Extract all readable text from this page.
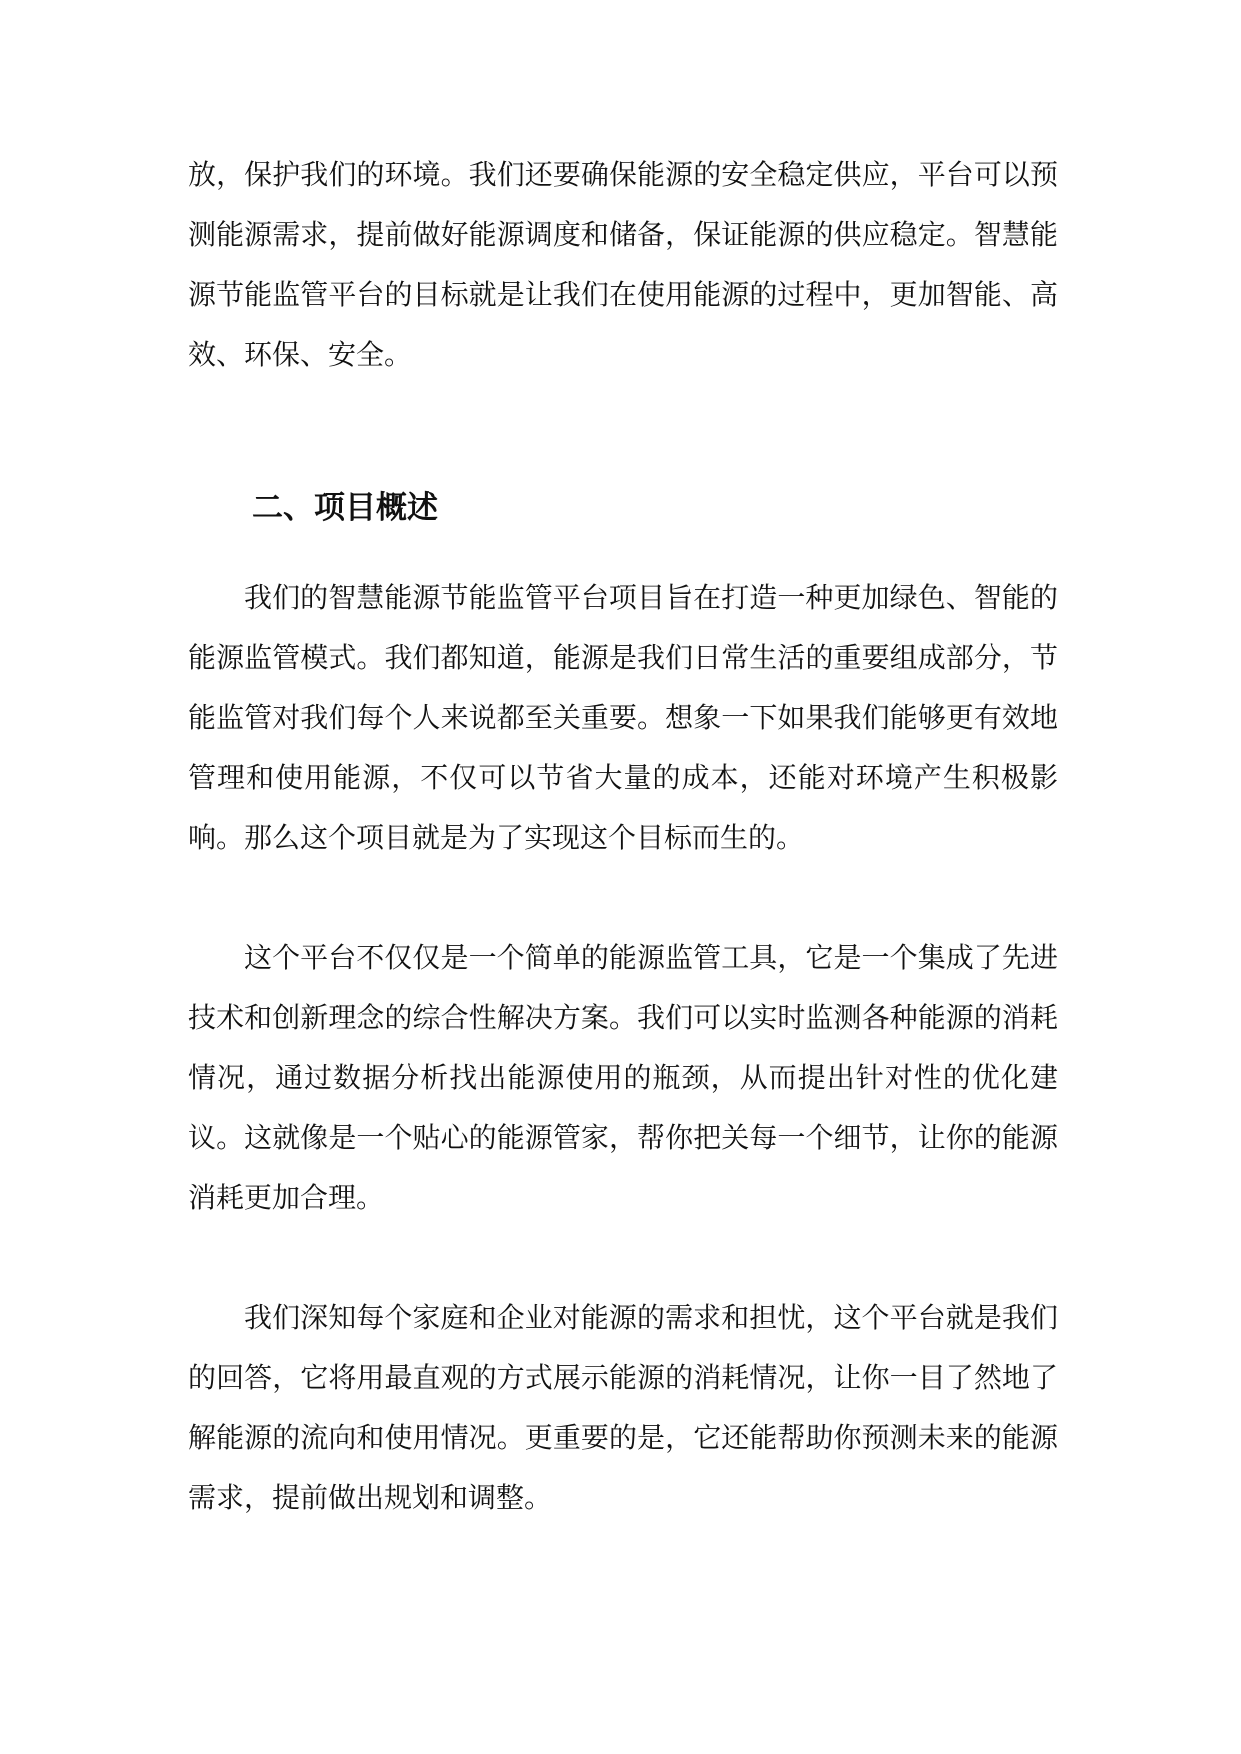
放，保护我们的环境。我们还要确保能源的安全稳定供应，平台可以预测能源需求，提前做好能源调度和储备，保证能源的供应稳定。智慧能源节能监管平台的目标就是让我们在使用能源的过程中，更加智能、高效、环保、安全。

二、项目概述

我们的智慧能源节能监管平台项目旨在打造一种更加绿色、智能的能源监管模式。我们都知道，能源是我们日常生活的重要组成部分，节能监管对我们每个人来说都至关重要。想象一下如果我们能够更有效地管理和使用能源，不仅可以节省大量的成本，还能对环境产生积极影响。那么这个项目就是为了实现这个目标而生的。

这个平台不仅仅是一个简单的能源监管工具，它是一个集成了先进技术和创新理念的综合性解决方案。我们可以实时监测各种能源的消耗情况，通过数据分析找出能源使用的瓶颈，从而提出针对性的优化建议。这就像是一个贴心的能源管家，帮你把关每一个细节，让你的能源消耗更加合理。

我们深知每个家庭和企业对能源的需求和担忧，这个平台就是我们的回答，它将用最直观的方式展示能源的消耗情况，让你一目了然地了解能源的流向和使用情况。更重要的是，它还能帮助你预测未来的能源需求，提前做出规划和调整。
